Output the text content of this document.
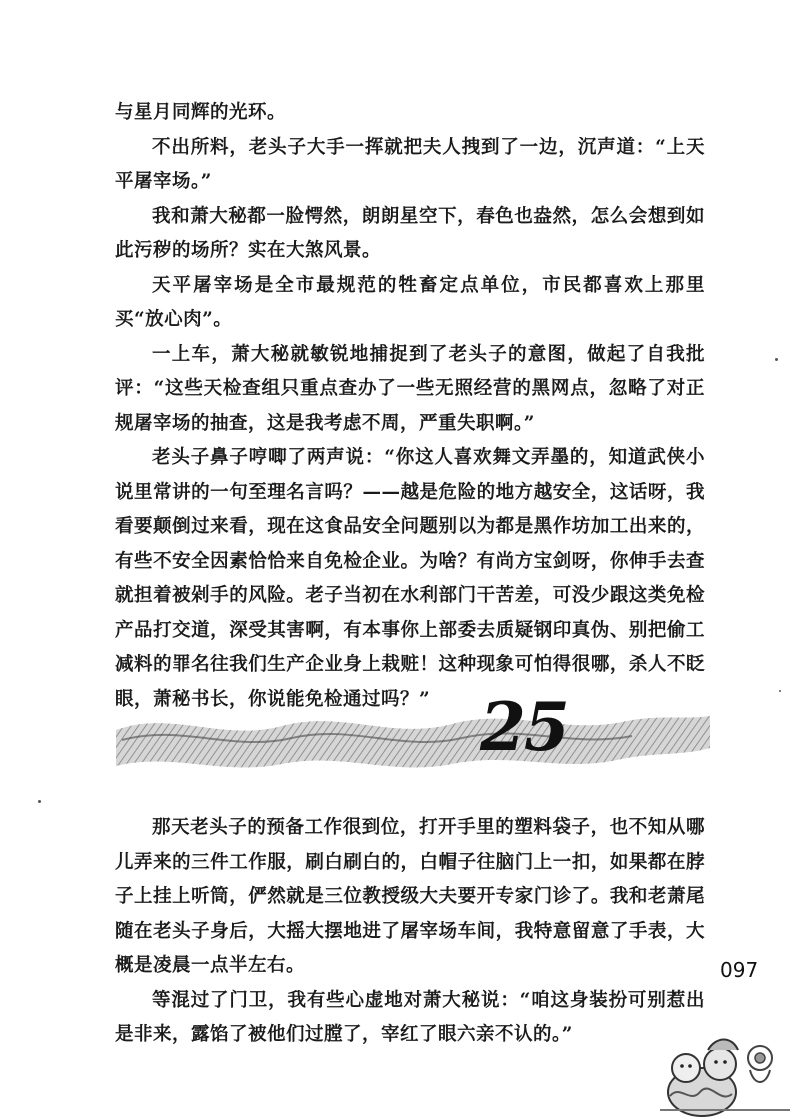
与星月同辉的光环。

不出所料，老头子大手一挥就把夫人拽到了一边，沉声道：“上天平屠宰场。”

我和萧大秘都一脸愕然，朗朗星空下，春色也盎然，怎么会想到如此污秽的场所？实在大煞风景。

天平屠宰场是全市最规范的牲畜定点单位，市民都喜欢上那里买“放心肉”。

一上车，萧大秘就敏锐地捕捉到了老头子的意图，做起了自我批评：“这些天检查组只重点查办了一些无照经营的黑网点，忽略了对正规屠宰场的抽查，这是我考虑不周，严重失职啊。”

老头子鼻子哼唧了两声说：“你这人喜欢舞文弄墨的，知道武侠小说里常讲的一句至理名言吗？——越是危险的地方越安全，这话呀，我看要颠倒过来看，现在这食品安全问题别以为都是黑作坊加工出来的，有些不安全因素恰恰来自免检企业。为啥？有尚方宝剑呀，你伸手去查就担着被剁手的风险。老子当初在水利部门干苦差，可没少跟这类免检产品打交道，深受其害啊，有本事你上部委去质疑钢印真伪、别把偷工减料的罪名往我们生产企业身上栽赃！这种现象可怕得很哪，杀人不眨眼，萧秘书长，你说能免检通过吗？” 25

那天老头子的预备工作很到位，打开手里的塑料袋子，也不知从哪儿弄来的三件工作服，刷白刷白的，白帽子往脑门上一扣，如果都在脖子上挂上听筒，俨然就是三位教授级大夫要开专家门诊了。我和老萧尾随在老头子身后，大摇大摆地进了屠宰场车间，我特意留意了手表，大概是凌晨一点半左右。

等混过了门卫，我有些心虚地对萧大秘说：“咱这身装扮可别惹出是非来，露馅了被他们过膛了，宰红了眼六亲不认的。”

097
